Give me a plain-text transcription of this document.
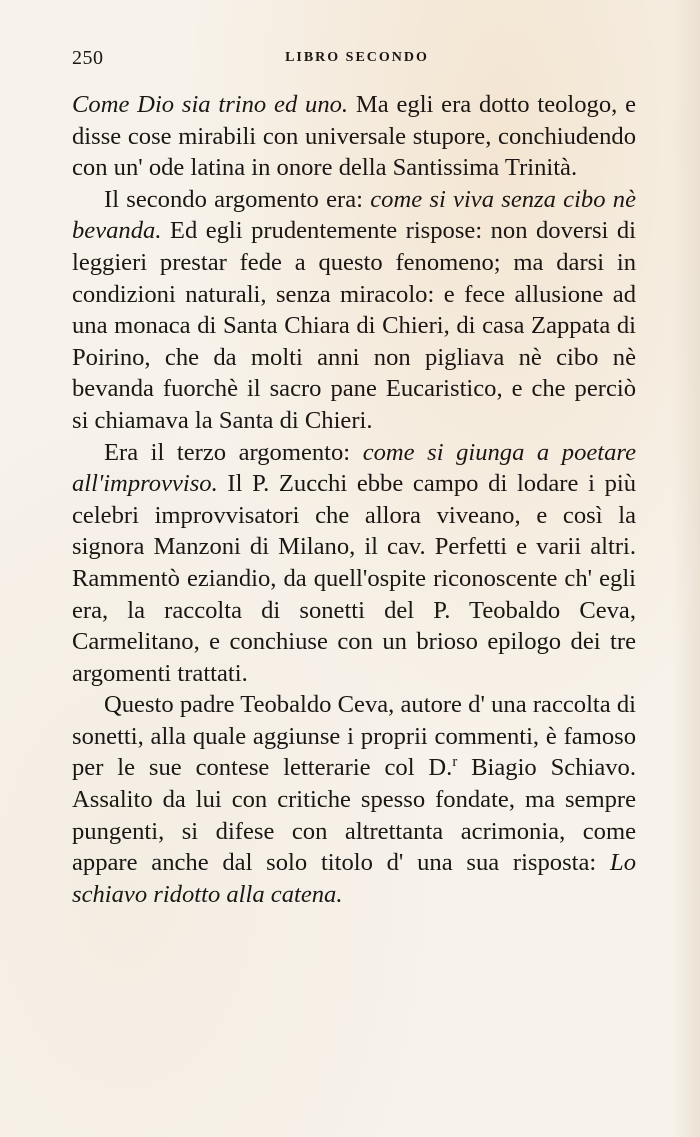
250	LIBRO SECONDO

Come Dio sia trino ed uno. Ma egli era dotto teologo, e disse cose mirabili con universale stupore, conchiudendo con un' ode latina in onore della Santissima Trinità.

Il secondo argomento era: come si viva senza cibo nè bevanda. Ed egli prudentemente rispose: non doversi di leggieri prestar fede a questo fenomeno; ma darsi in condizioni naturali, senza miracolo: e fece allusione ad una monaca di Santa Chiara di Chieri, di casa Zappata di Poirino, che da molti anni non pigliava nè cibo nè bevanda fuorchè il sacro pane Eucaristico, e che perciò si chiamava la Santa di Chieri.

Era il terzo argomento: come si giunga a poetare all'improvviso. Il P. Zucchi ebbe campo di lodare i più celebri improvvisatori che allora viveano, e così la signora Manzoni di Milano, il cav. Perfetti e varii altri. Rammentò eziandio, da quell'ospite riconoscente ch' egli era, la raccolta di sonetti del P. Teobaldo Ceva, Carmelitano, e conchiuse con un brioso epilogo dei tre argomenti trattati.

Questo padre Teobaldo Ceva, autore d' una raccolta di sonetti, alla quale aggiunse i proprii commenti, è famoso per le sue contese letterarie col D.$^r$ Biagio Schiavo. Assalito da lui con critiche spesso fondate, ma sempre pungenti, si difese con altrettanta acrimonia, come appare anche dal solo titolo d' una sua risposta: Lo schiavo ridotto alla catena.
